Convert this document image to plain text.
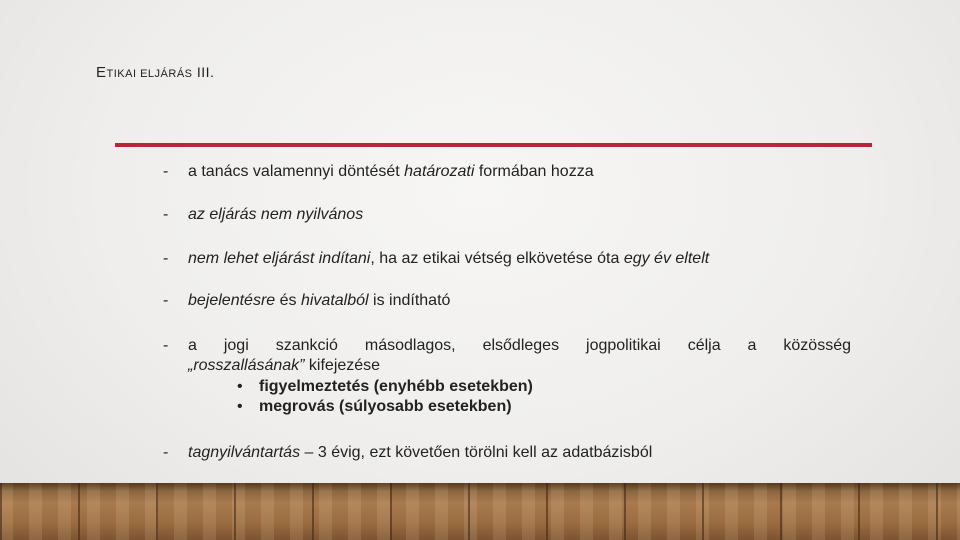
ETIKAI ELJÁRÁS III.
- a tanács valamennyi döntését határozati formában hozza
- az eljárás nem nyilvános
- nem lehet eljárást indítani, ha az etikai vétség elkövetése óta egy év eltelt
- bejelentésre és hivatalból is indítható
- a jogi szankció másodlagos, elsődleges jogpolitikai célja a közösség
„rosszallásának” kifejezése
• figyelmeztetés (enyhébb esetekben)
• megrovás (súlyosabb esetekben)
- tagnyilvántartás – 3 évig, ezt követően törölni kell az adatbázisból
